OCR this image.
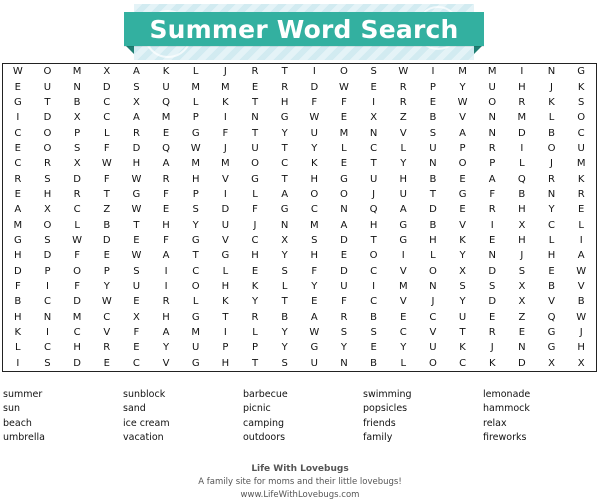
Summer Word Search
W	O	M	X	A	K	L	J	R	T	I	O	S	W	I	M	M	I	N	G
E	U	N	D	S	U	M	M	E	R	D	W	E	R	P	Y	U	H	J	K
G	T	B	C	X	Q	L	K	T	H	F	F	I	R	E	W	O	R	K	S
I	D	X	C	A	M	P	I	N	G	W	E	X	Z	B	V	N	M	L	O
C	O	P	L	R	E	G	F	T	Y	U	M	N	V	S	A	N	D	B	C
E	O	S	F	D	Q	W	J	U	T	Y	L	C	L	U	P	R	I	O	U
C	R	X	W	H	A	M	M	O	C	K	E	T	Y	N	O	P	L	J	M
R	S	D	F	W	R	H	V	G	T	H	G	U	H	B	E	A	Q	R	K
E	H	R	T	G	F	P	I	L	A	O	O	J	U	T	G	F	B	N	R
A	X	C	Z	W	E	S	D	F	G	C	N	Q	A	D	E	R	H	Y	E
M	O	L	B	T	H	Y	U	J	N	M	A	H	G	B	V	I	X	C	L
G	S	W	D	E	F	G	V	C	X	S	D	T	G	H	K	E	H	L	I
H	D	F	E	W	A	T	G	H	Y	H	E	O	I	L	Y	N	J	H	A
D	P	O	P	S	I	C	L	E	S	F	D	C	V	O	X	D	S	E	W
F	I	F	Y	U	I	O	H	K	L	Y	U	I	M	N	S	S	X	B	V
B	C	D	W	E	R	L	K	Y	T	E	F	C	V	J	Y	D	X	V	B
H	N	M	C	X	H	G	T	R	B	A	R	B	E	C	U	E	Z	Q	W
K	I	C	V	F	A	M	I	L	Y	W	S	S	C	V	T	R	E	G	J
L	C	H	R	E	Y	U	P	P	Y	G	Y	E	Y	U	K	J	N	G	H
I	S	D	E	C	V	G	H	T	S	U	N	B	L	O	C	K	D	X	X
summer
sun
beach
umbrella
sunblock
sand
ice cream
vacation
barbecue
picnic
camping
outdoors
swimming
popsicles
friends
family
lemonade
hammock
relax
fireworks
Life With Lovebugs
A family site for moms and their little lovebugs!
www.LifeWithLovebugs.com
